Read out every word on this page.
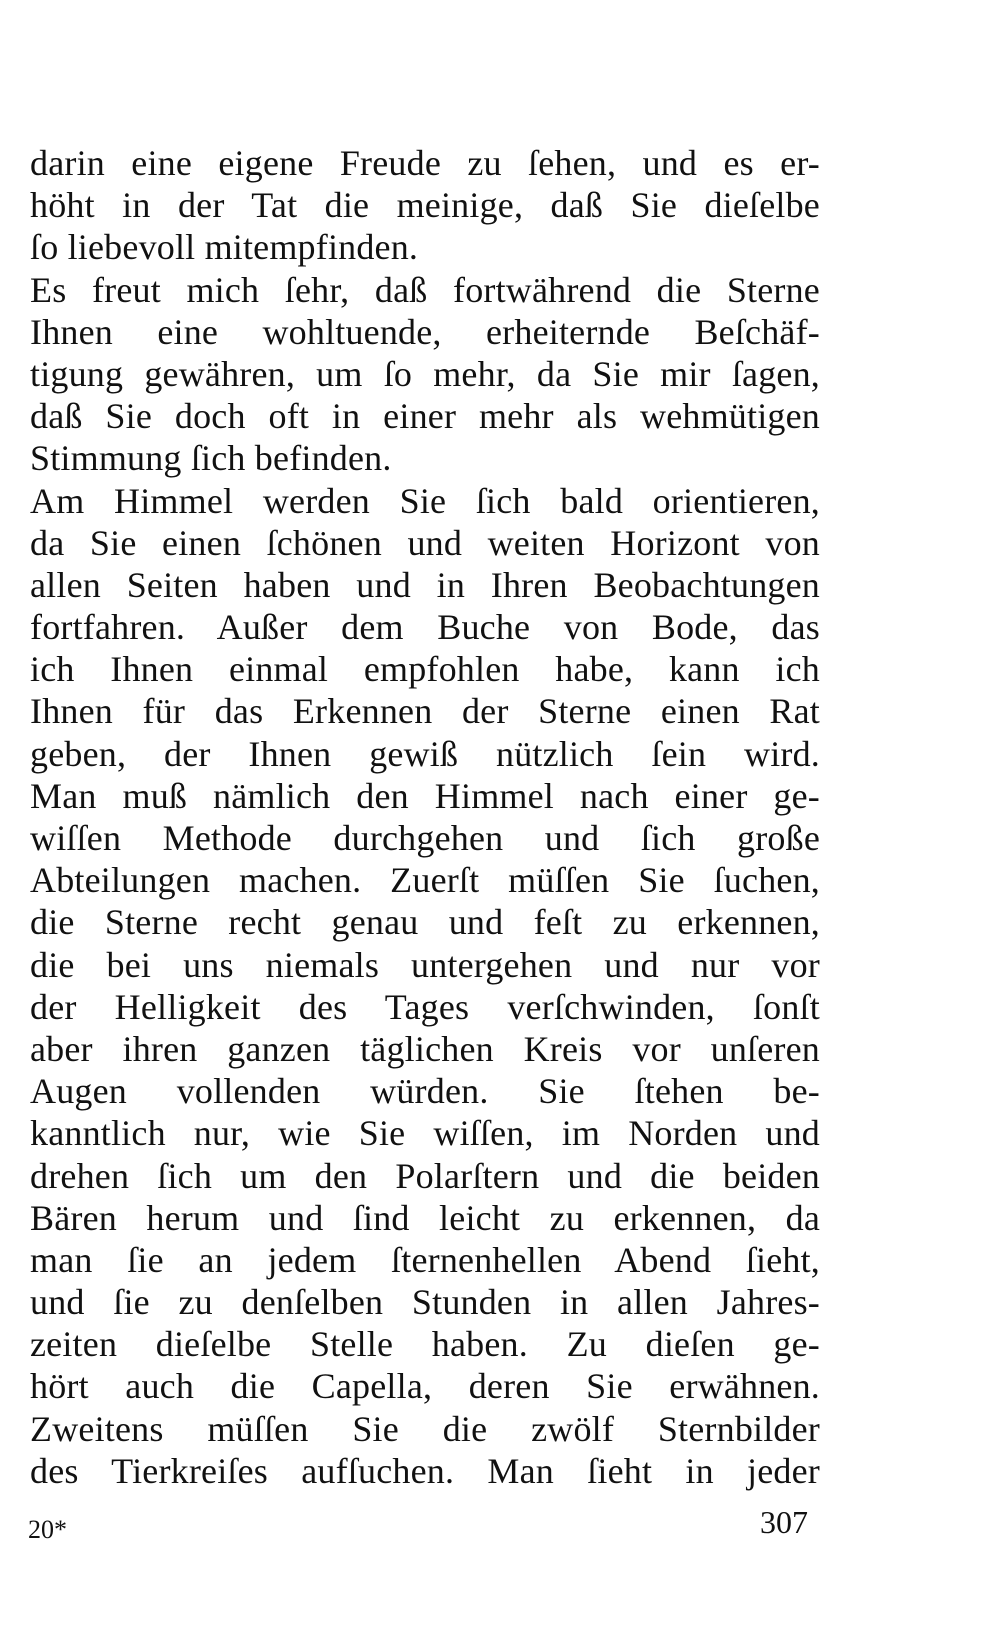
darin eine eigene Freude zu ſehen, und es er-
höht in der Tat die meinige, daß Sie dieſelbe
ſo liebevoll mitempfinden.
Es freut mich ſehr, daß fortwährend die Sterne
Ihnen eine wohltuende, erheiternde Beſchäf-
tigung gewähren, um ſo mehr, da Sie mir ſagen,
daß Sie doch oft in einer mehr als wehmütigen
Stimmung ſich befinden.
Am Himmel werden Sie ſich bald orientieren,
da Sie einen ſchönen und weiten Horizont von
allen Seiten haben und in Ihren Beobachtungen
fortfahren. Außer dem Buche von Bode, das
ich Ihnen einmal empfohlen habe, kann ich
Ihnen für das Erkennen der Sterne einen Rat
geben, der Ihnen gewiß nützlich ſein wird.
Man muß nämlich den Himmel nach einer ge-
wiſſen Methode durchgehen und ſich große
Abteilungen machen. Zuerſt müſſen Sie ſuchen,
die Sterne recht genau und feſt zu erkennen,
die bei uns niemals untergehen und nur vor
der Helligkeit des Tages verſchwinden, ſonſt
aber ihren ganzen täglichen Kreis vor unſeren
Augen vollenden würden. Sie ſtehen be-
kanntlich nur, wie Sie wiſſen, im Norden und
drehen ſich um den Polarſtern und die beiden
Bären herum und ſind leicht zu erkennen, da
man ſie an jedem ſternenhellen Abend ſieht,
und ſie zu denſelben Stunden in allen Jahres-
zeiten dieſelbe Stelle haben. Zu dieſen ge-
hört auch die Capella, deren Sie erwähnen.
Zweitens müſſen Sie die zwölf Sternbilder
des Tierkreiſes aufſuchen. Man ſieht in jeder
20*	307
